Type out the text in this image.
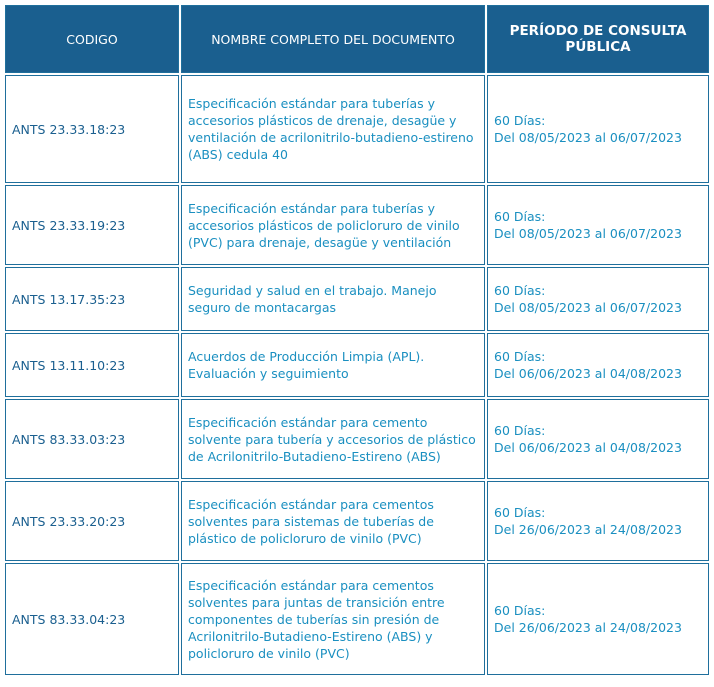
CODIGO	NOMBRE COMPLETO DEL DOCUMENTO	PERÍODO DE CONSULTA PÚBLICA
ANTS 23.33.18:23	Especificación estándar para tuberías y accesorios plásticos de drenaje, desagüe y ventilación de acrilonitrilo-butadieno-estireno (ABS) cedula 40	60 Días:
Del 08/05/2023 al 06/07/2023

ANTS 23.33.19:23	Especificación estándar para tuberías y accesorios plásticos de policloruro de vinilo (PVC) para drenaje, desagüe y ventilación	60 Días:
Del 08/05/2023 al 06/07/2023

ANTS 13.17.35:23	Seguridad y salud en el trabajo. Manejo seguro de montacargas	60 Días:
Del 08/05/2023 al 06/07/2023

ANTS 13.11.10:23	Acuerdos de Producción Limpia (APL). Evaluación y seguimiento	60 Días:
Del 06/06/2023 al 04/08/2023

ANTS 83.33.03:23	Especificación estándar para cemento solvente para tubería y accesorios de plástico de Acrilonitrilo-Butadieno-Estireno (ABS)	60 Días:
Del 06/06/2023 al 04/08/2023

ANTS 23.33.20:23	Especificación estándar para cementos solventes para sistemas de tuberías de plástico de policloruro de vinilo (PVC)	60 Días:
Del 26/06/2023 al 24/08/2023

ANTS 83.33.04:23	Especificación estándar para cementos solventes para juntas de transición entre componentes de tuberías sin presión de Acrilonitrilo-Butadieno-Estireno (ABS) y policloruro de vinilo (PVC)	60 Días:
Del 26/06/2023 al 24/08/2023
